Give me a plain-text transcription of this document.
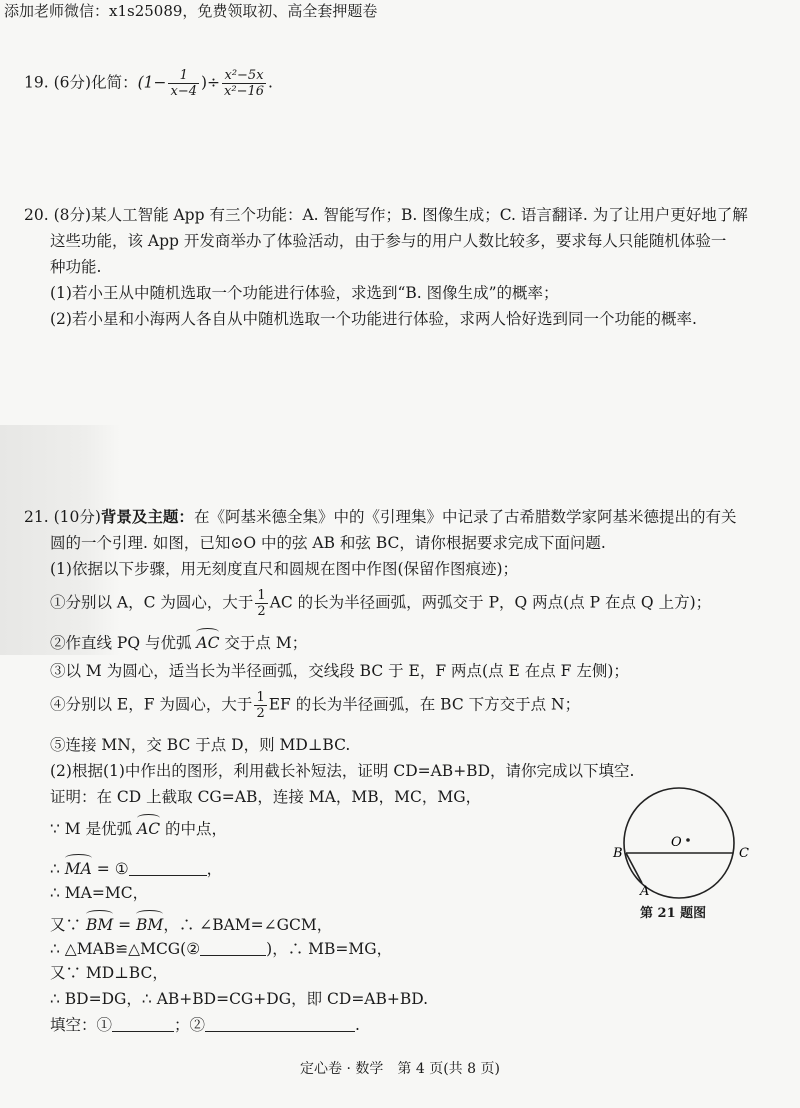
添加老师微信：x1s25089，免费领取初、高全套押题卷
19. (6分)化简：($1- \frac{1}{x-4}$ )÷ $\frac{\text{x²−5x}}{\text{x²−16}}$ .
20. (8分)某人工智能 App 有三个功能：A. 智能写作；B. 图像生成；C. 语言翻译. 为了让用户更好地了解
这些功能，该 App 开发商举办了体验活动，由于参与的用户人数比较多，要求每人只能随机体验一
种功能.
(1)若小王从中随机选取一个功能进行体验，求选到“B. 图像生成”的概率；
(2)若小星和小海两人各自从中随机选取一个功能进行体验，求两人恰好选到同一个功能的概率.
21. (10分)背景及主题：在《阿基米德全集》中的《引理集》中记录了古希腊数学家阿基米德提出的有关
圆的一个引理. 如图，已知⊙O 中的弦 AB 和弦 BC，请你根据要求完成下面问题.
(1)依据以下步骤，用无刻度直尺和圆规在图中作图(保留作图痕迹)；
①分别以 A，C 为圆心，大于 $\frac{1}{2}$ AC 的长为半径画弧，两弧交于 P，Q 两点(点 P 在点 Q 上方)；
②作直线 PQ 与优弧 AC 交于点 M；
③以 M 为圆心，适当长为半径画弧，交线段 BC 于 E，F 两点(点 E 在点 F 左侧)；
④分别以 E，F 为圆心，大于 $\frac{1}{2}$ EF 的长为半径画弧，在 BC 下方交于点 N；
⑤连接 MN，交 BC 于点 D，则 MD⊥BC.
(2)根据(1)中作出的图形，利用截长补短法，证明 CD=AB+BD，请你完成以下填空.
证明：在 CD 上截取 CG=AB，连接 MA，MB，MC，MG，
∵ M 是优弧 AC 的中点，
∴ MA = ①	，
∴ MA=MC，
又∵ BM = BM，∴ ∠BAM=∠GCM，
∴ △MAB≌△MCG(②	)，∴ MB=MG，
又∵ MD⊥BC，
∴ BD=DG，∴ AB+BD=CG+DG，即 CD=AB+BD.
填空：①	；②	.
O
B	C
A
第 21 题图
定心卷 · 数学　第 4 页(共 8 页)
